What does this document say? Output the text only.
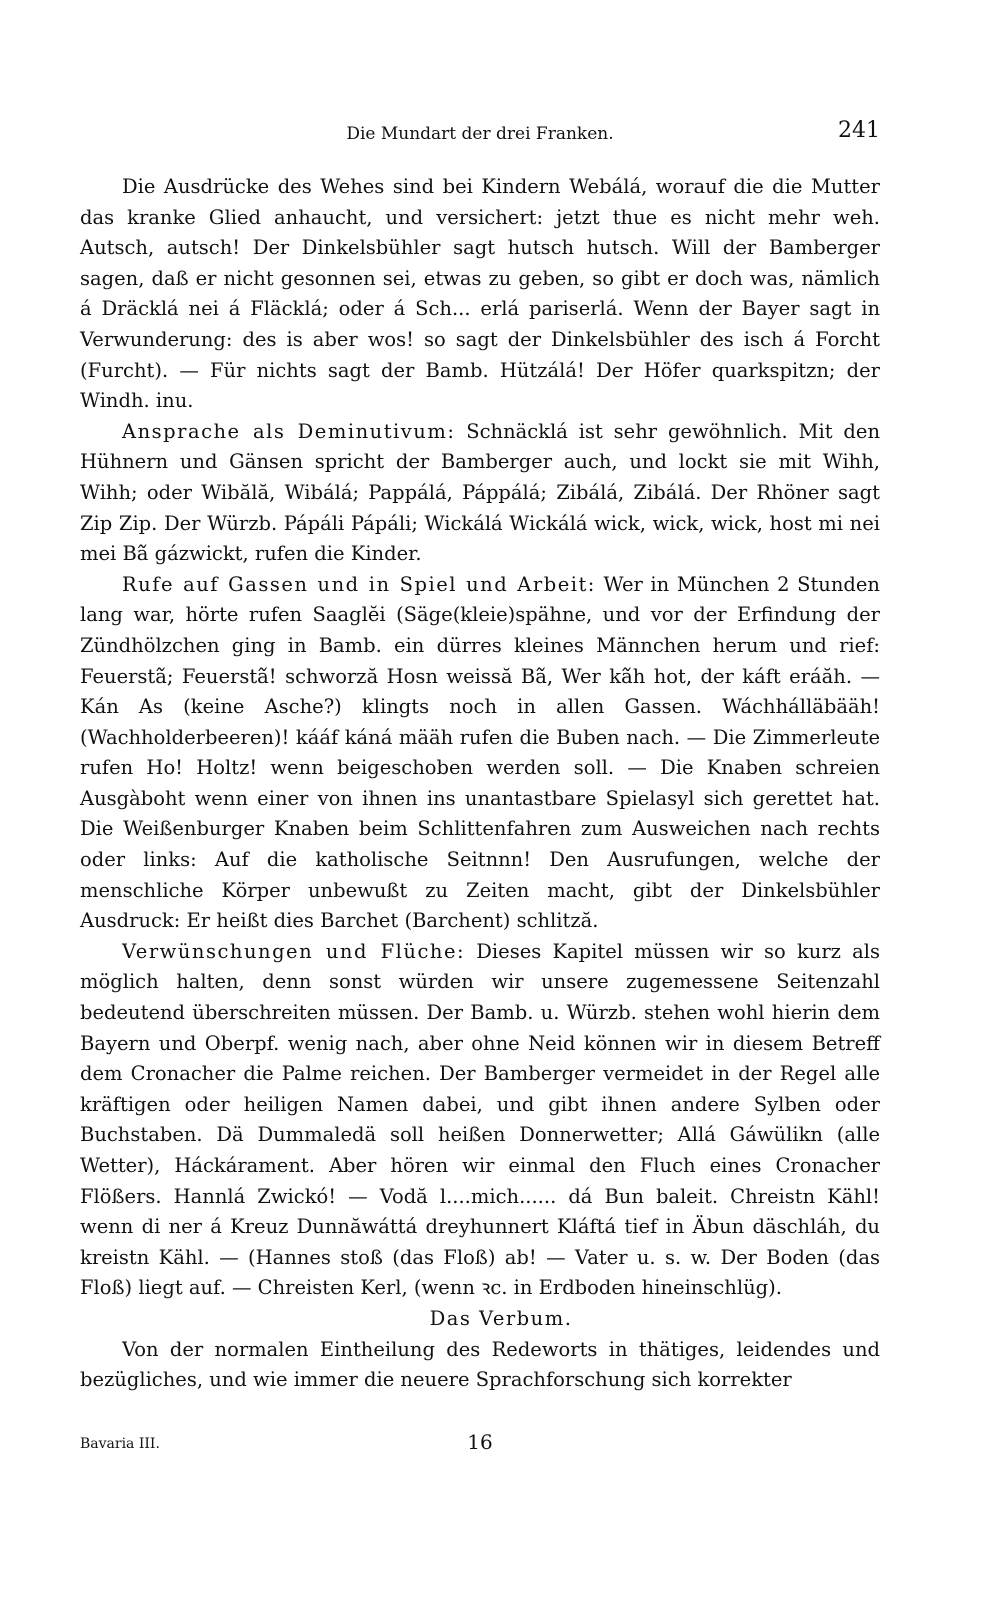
Die Mundart der drei Franken.	241

Die Ausdrücke des Wehes sind bei Kindern Webálá, worauf die die Mutter das kranke Glied anhaucht, und versichert: jetzt thue es nicht mehr weh. Autsch, autsch! Der Dinkelsbühler sagt hutsch hutsch. Will der Bamberger sagen, daß er nicht gesonnen sei, etwas zu geben, so gibt er doch was, nämlich á Dräcklá nei á Fläcklá; oder á Sch... erlá pariserlá. Wenn der Bayer sagt in Verwunderung: des is aber wos! so sagt der Dinkelsbühler des isch á Forcht (Furcht). — Für nichts sagt der Bamb. Hützálá! Der Höfer quarkspitzn; der Windh. inu.

Ansprache als Deminutivum: Schnäcklá ist sehr gewöhnlich. Mit den Hühnern und Gänsen spricht der Bamberger auch, und lockt sie mit Wihh, Wihh; oder Wibălă, Wibálá; Pappálá, Páppálá; Zibálá, Zibálá. Der Rhöner sagt Zip Zip. Der Würzb. Pápáli Pápáli; Wickálá Wickálá wick, wick, wick, host mi nei mei Ba᷉ gázwickt, rufen die Kinder.

Rufe auf Gassen und in Spiel und Arbeit: Wer in München 2 Stunden lang war, hörte rufen Saaglĕi (Säge(kleie)spähne, und vor der Erfindung der Zündhölzchen ging in Bamb. ein dürres kleines Männchen herum und rief: Feuersta᷉; Feuersta᷉! schworză Hosn weissă Ba᷉, Wer ka᷉h hot, der káft eráăh. — Kán As (keine Asche?) klingts noch in allen Gassen. Wáchhálläbääh! (Wachholderbeeren)! kááf káná määh rufen die Buben nach. — Die Zimmerleute rufen Ho! Holtz! wenn beigeschoben werden soll. — Die Knaben schreien Ausgàboht wenn einer von ihnen ins unantastbare Spielasyl sich gerettet hat. Die Weißenburger Knaben beim Schlittenfahren zum Ausweichen nach rechts oder links: Auf die katholische Seitnnn! Den Ausrufungen, welche der menschliche Körper unbewußt zu Zeiten macht, gibt der Dinkelsbühler Ausdruck: Er heißt dies Barchet (Barchent) schlitză.

Verwünschungen und Flüche: Dieses Kapitel müssen wir so kurz als möglich halten, denn sonst würden wir unsere zugemessene Seitenzahl bedeutend überschreiten müssen. Der Bamb. u. Würzb. stehen wohl hierin dem Bayern und Oberpf. wenig nach, aber ohne Neid können wir in diesem Betreff dem Cronacher die Palme reichen. Der Bamberger vermeidet in der Regel alle kräftigen oder heiligen Namen dabei, und gibt ihnen andere Sylben oder Buchstaben. Dä Dummaledä soll heißen Donnerwetter; Allá Gáwülikn (alle Wetter), Háckárament. Aber hören wir einmal den Fluch eines Cronacher Flößers. Hannlá Zwickó! — Vodă l....mich...... dá Bun baleit. Chreistn Kähl! wenn di ner á Kreuz Dunnăwáttá dreyhunnert Kláftá tief in Äbun däschláh, du kreistn Kähl. — (Hannes stoß (das Floß) ab! — Vater u. s. w. Der Boden (das Floß) liegt auf. — Chreisten Kerl, (wenn ꝛc. in Erdboden hineinschlüg).

Das Verbum.

Von der normalen Eintheilung des Redeworts in thätiges, leidendes und bezügliches, und wie immer die neuere Sprachforschung sich korrekter

Bavaria III.	16
